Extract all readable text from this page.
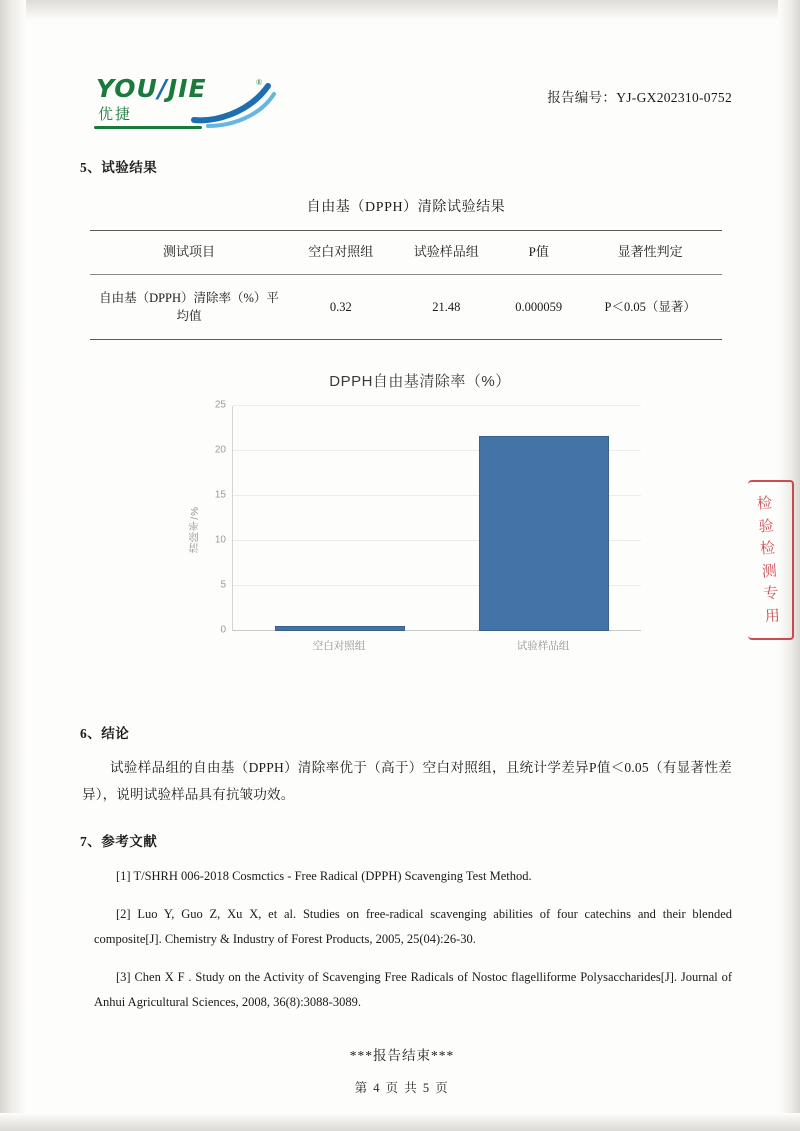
检验检测专用
YOU/JIE	®
优捷
报告编号：YJ-GX202310-0752
5、试验结果
自由基（DPPH）清除试验结果
测试项目	空白对照组	试验样品组	P值	显著性判定
自由基（DPPH）清除率（%）平均值	0.32	21.48	0.000059	P＜0.05（显著）
DPPH自由基清除率（%）
清除率/%
0
5
10
15
20
25
空白对照组	试验样品组
6、结论
试验样品组的自由基（DPPH）清除率优于（高于）空白对照组，且统计学差异P值＜0.05（有显著性差异），说明试验样品具有抗皱功效。
7、参考文献
[1] T/SHRH 006-2018 Cosmctics - Free Radical (DPPH) Scavenging Test Method.
[2] Luo Y, Guo Z, Xu X, et al. Studies on free-radical scavenging abilities of four catechins and their blended composite[J]. Chemistry & Industry of Forest Products, 2005, 25(04):26-30.
[3] Chen X F . Study on the Activity of Scavenging Free Radicals of Nostoc flagelliforme Polysaccharides[J]. Journal of Anhui Agricultural Sciences, 2008, 36(8):3088-3089.
***报告结束***
第 4 页 共 5 页
